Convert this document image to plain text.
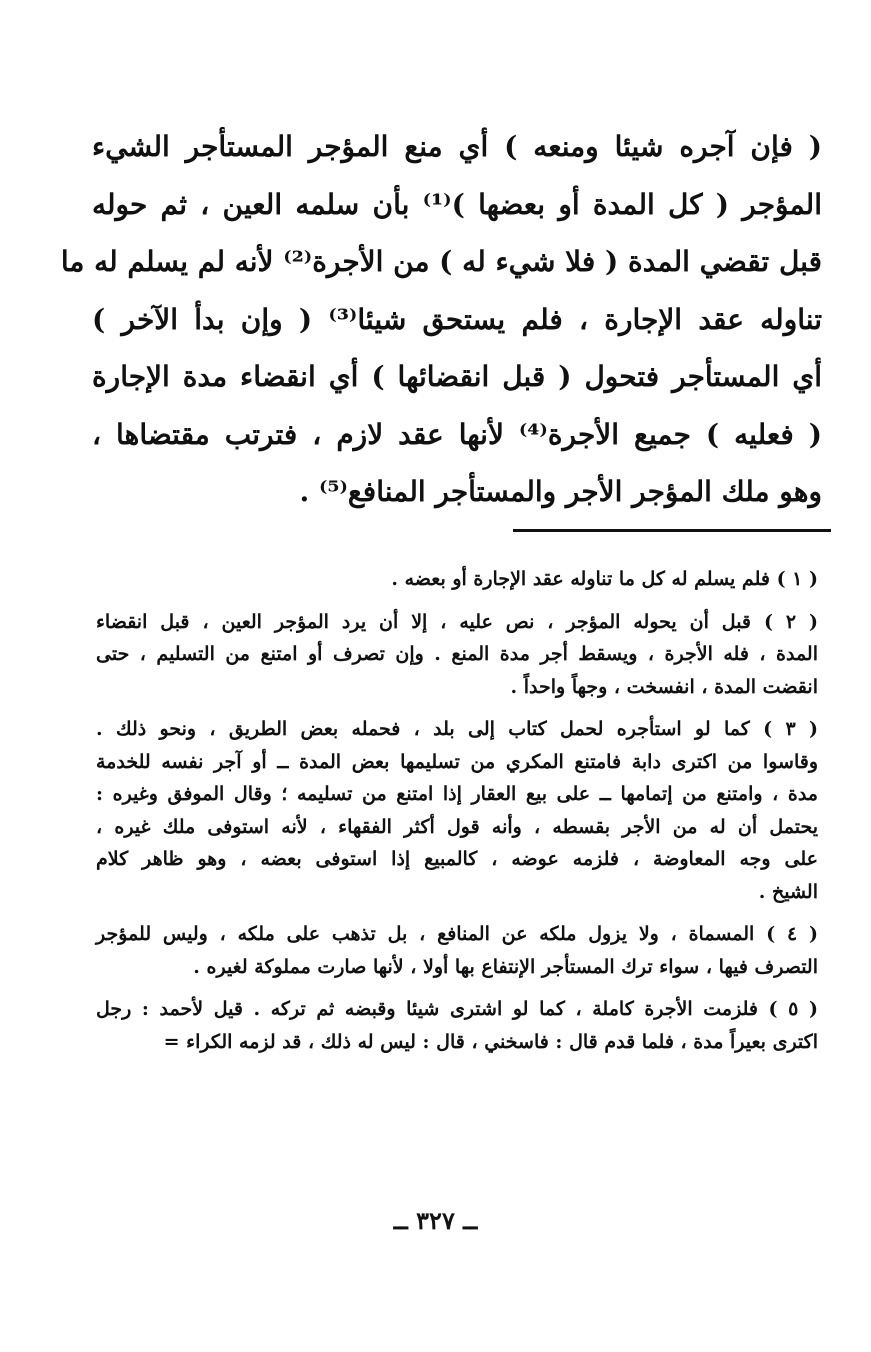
( فإن آجره شيئا ومنعه ) أي منع المؤجر المستأجر الشيء
المؤجر ( كل المدة أو بعضها )⁽¹⁾ بأن سلمه العين ، ثم حوله
قبل تقضي المدة ( فلا شيء له ) من الأجرة⁽²⁾ لأنه لم يسلم له ما
تناوله عقد الإجارة ، فلم يستحق شيئا⁽³⁾ ( وإن بدأ الآخر )
أي المستأجر فتحول ( قبل انقضائها ) أي انقضاء مدة الإجارة
( فعليه ) جميع الأجرة⁽⁴⁾ لأنها عقد لازم ، فترتب مقتضاها ،
وهو ملك المؤجر الأجر والمستأجر المنافع⁽⁵⁾ .
( ١ ) فلم يسلم له كل ما تناوله عقد الإجارة أو بعضه .
( ٢ ) قبل أن يحوله المؤجر ، نص عليه ، إلا أن يرد المؤجر العين ، قبل انقضاء
المدة ، فله الأجرة ، ويسقط أجر مدة المنع . وإن تصرف أو امتنع من التسليم ، حتى
انقضت المدة ، انفسخت ، وجهاً واحداً .
( ٣ ) كما لو استأجره لحمل كتاب إلى بلد ، فحمله بعض الطريق ، ونحو ذلك .
وقاسوا من اكترى دابة فامتنع المكري من تسليمها بعض المدة ــ أو آجر نفسه للخدمة
مدة ، وامتنع من إتمامها ــ على بيع العقار إذا امتنع من تسليمه ؛ وقال الموفق وغيره :
يحتمل أن له من الأجر بقسطه ، وأنه قول أكثر الفقهاء ، لأنه استوفى ملك غيره ،
على وجه المعاوضة ، فلزمه عوضه ، كالمبيع إذا استوفى بعضه ، وهو ظاهر كلام
الشيخ .
( ٤ ) المسماة ، ولا يزول ملكه عن المنافع ، بل تذهب على ملكه ، وليس للمؤجر
التصرف فيها ، سواء ترك المستأجر الإنتفاع بها أولا ، لأنها صارت مملوكة لغيره .
( ٥ ) فلزمت الأجرة كاملة ، كما لو اشترى شيئا وقبضه ثم تركه . قيل لأحمد : رجل
اكترى بعيراً مدة ، فلما قدم قال : فاسخني ، قال : ليس له ذلك ، قد لزمه الكراء =
ــ ٣٢٧ ــ
